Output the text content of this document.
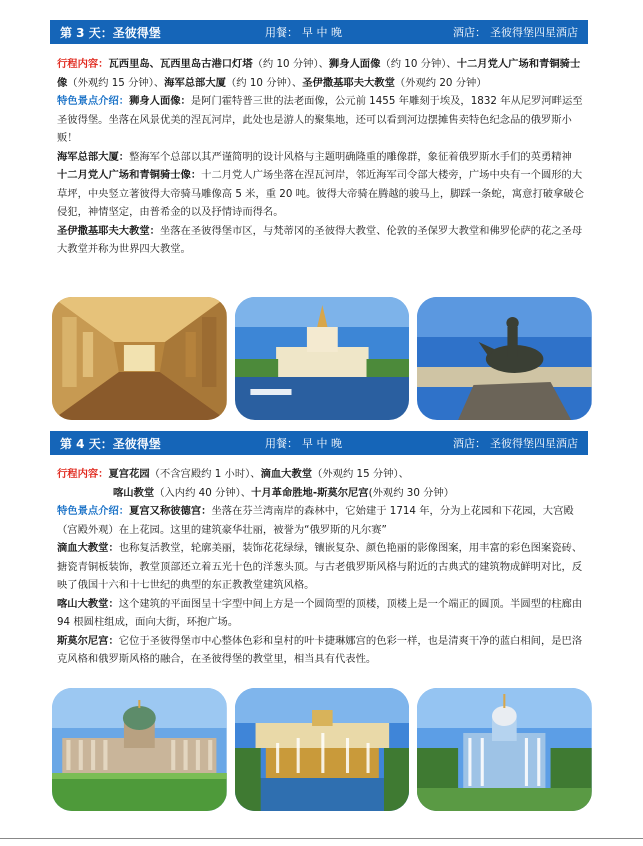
第 3 天：圣彼得堡	用餐： 早 中 晚	酒店： 圣彼得堡四星酒店

行程内容：瓦西里岛、瓦西里岛古港口灯塔（约 10 分钟）、狮身人面像（约 10 分钟）、十二月党人广场和青铜骑士像（外观约 15 分钟）、海军总部大厦（约 10 分钟）、圣伊撒基耶夫大教堂（外观约 20 分钟）

特色景点介绍：狮身人面像：是阿门霍特普三世的法老面像，公元前 1455 年雕刻于埃及，1832 年从尼罗河畔运至圣彼得堡。坐落在风景优美的涅瓦河岸，此处也是游人的聚集地，还可以看到河边摆摊售卖特色纪念品的俄罗斯小贩！

海军总部大厦：整海军个总部以其严谨简明的设计风格与主题明确隆重的雕像群，象征着俄罗斯水手们的英勇精神

十二月党人广场和青铜骑士像：十二月党人广场坐落在涅瓦河岸，邻近海军司令部大楼旁，广场中央有一个圆形的大草坪，中央竖立著彼得大帝骑马雕像高 5 米，重 20 吨。彼得大帝骑在腾越的骏马上，脚踩一条蛇，寓意打破拿破仑侵犯，神情坚定，由普希金的以及抒情诗而得名。

圣伊撒基耶夫大教堂：坐落在圣彼得堡市区，与梵蒂冈的圣彼得大教堂、伦敦的圣保罗大教堂和佛罗伦萨的花之圣母大教堂并称为世界四大教堂。

第 4 天：圣彼得堡	用餐： 早 中 晚	酒店： 圣彼得堡四星酒店

行程内容：夏宫花园（不含宫殿约 1 小时）、滴血大教堂（外观约 15 分钟）、

喀山教堂（入内约 40 分钟）、十月革命胜地-斯莫尔尼宫(外观约 30 分钟）

特色景点介绍：夏宫又称彼德宫：坐落在芬兰湾南岸的森林中，它始建于 1714 年，分为上花园和下花园，大宫殿（宫殿外观）在上花园。这里的建筑豪华壮丽，被誉为“俄罗斯的凡尔赛”

滴血大教堂：也称复活教堂，轮廓美丽，装饰花花绿绿，镶嵌复杂、颜色艳丽的影像图案，用丰富的彩色图案瓷砖、搪瓷青铜板装饰，教堂顶部还立着五光十色的洋葱头顶。与古老俄罗斯风格与附近的古典式的建筑物成鲜明对比，反映了俄国十六和十七世纪的典型的东正教教堂建筑风格。

喀山大教堂：这个建筑的平面图呈十字型中间上方是一个圆筒型的顶楼，顶楼上是一个端正的圆顶。半圆型的柱廊由 94 根圆柱组成，面向大街，环抱广场。

斯莫尔尼宫：它位于圣彼得堡市中心整体色彩和皇村的叶卡捷琳娜宫的色彩一样，也是清爽干净的蓝白相间，是巴洛克风格和俄罗斯风格的融合，在圣彼得堡的教堂里，相当具有代表性。
